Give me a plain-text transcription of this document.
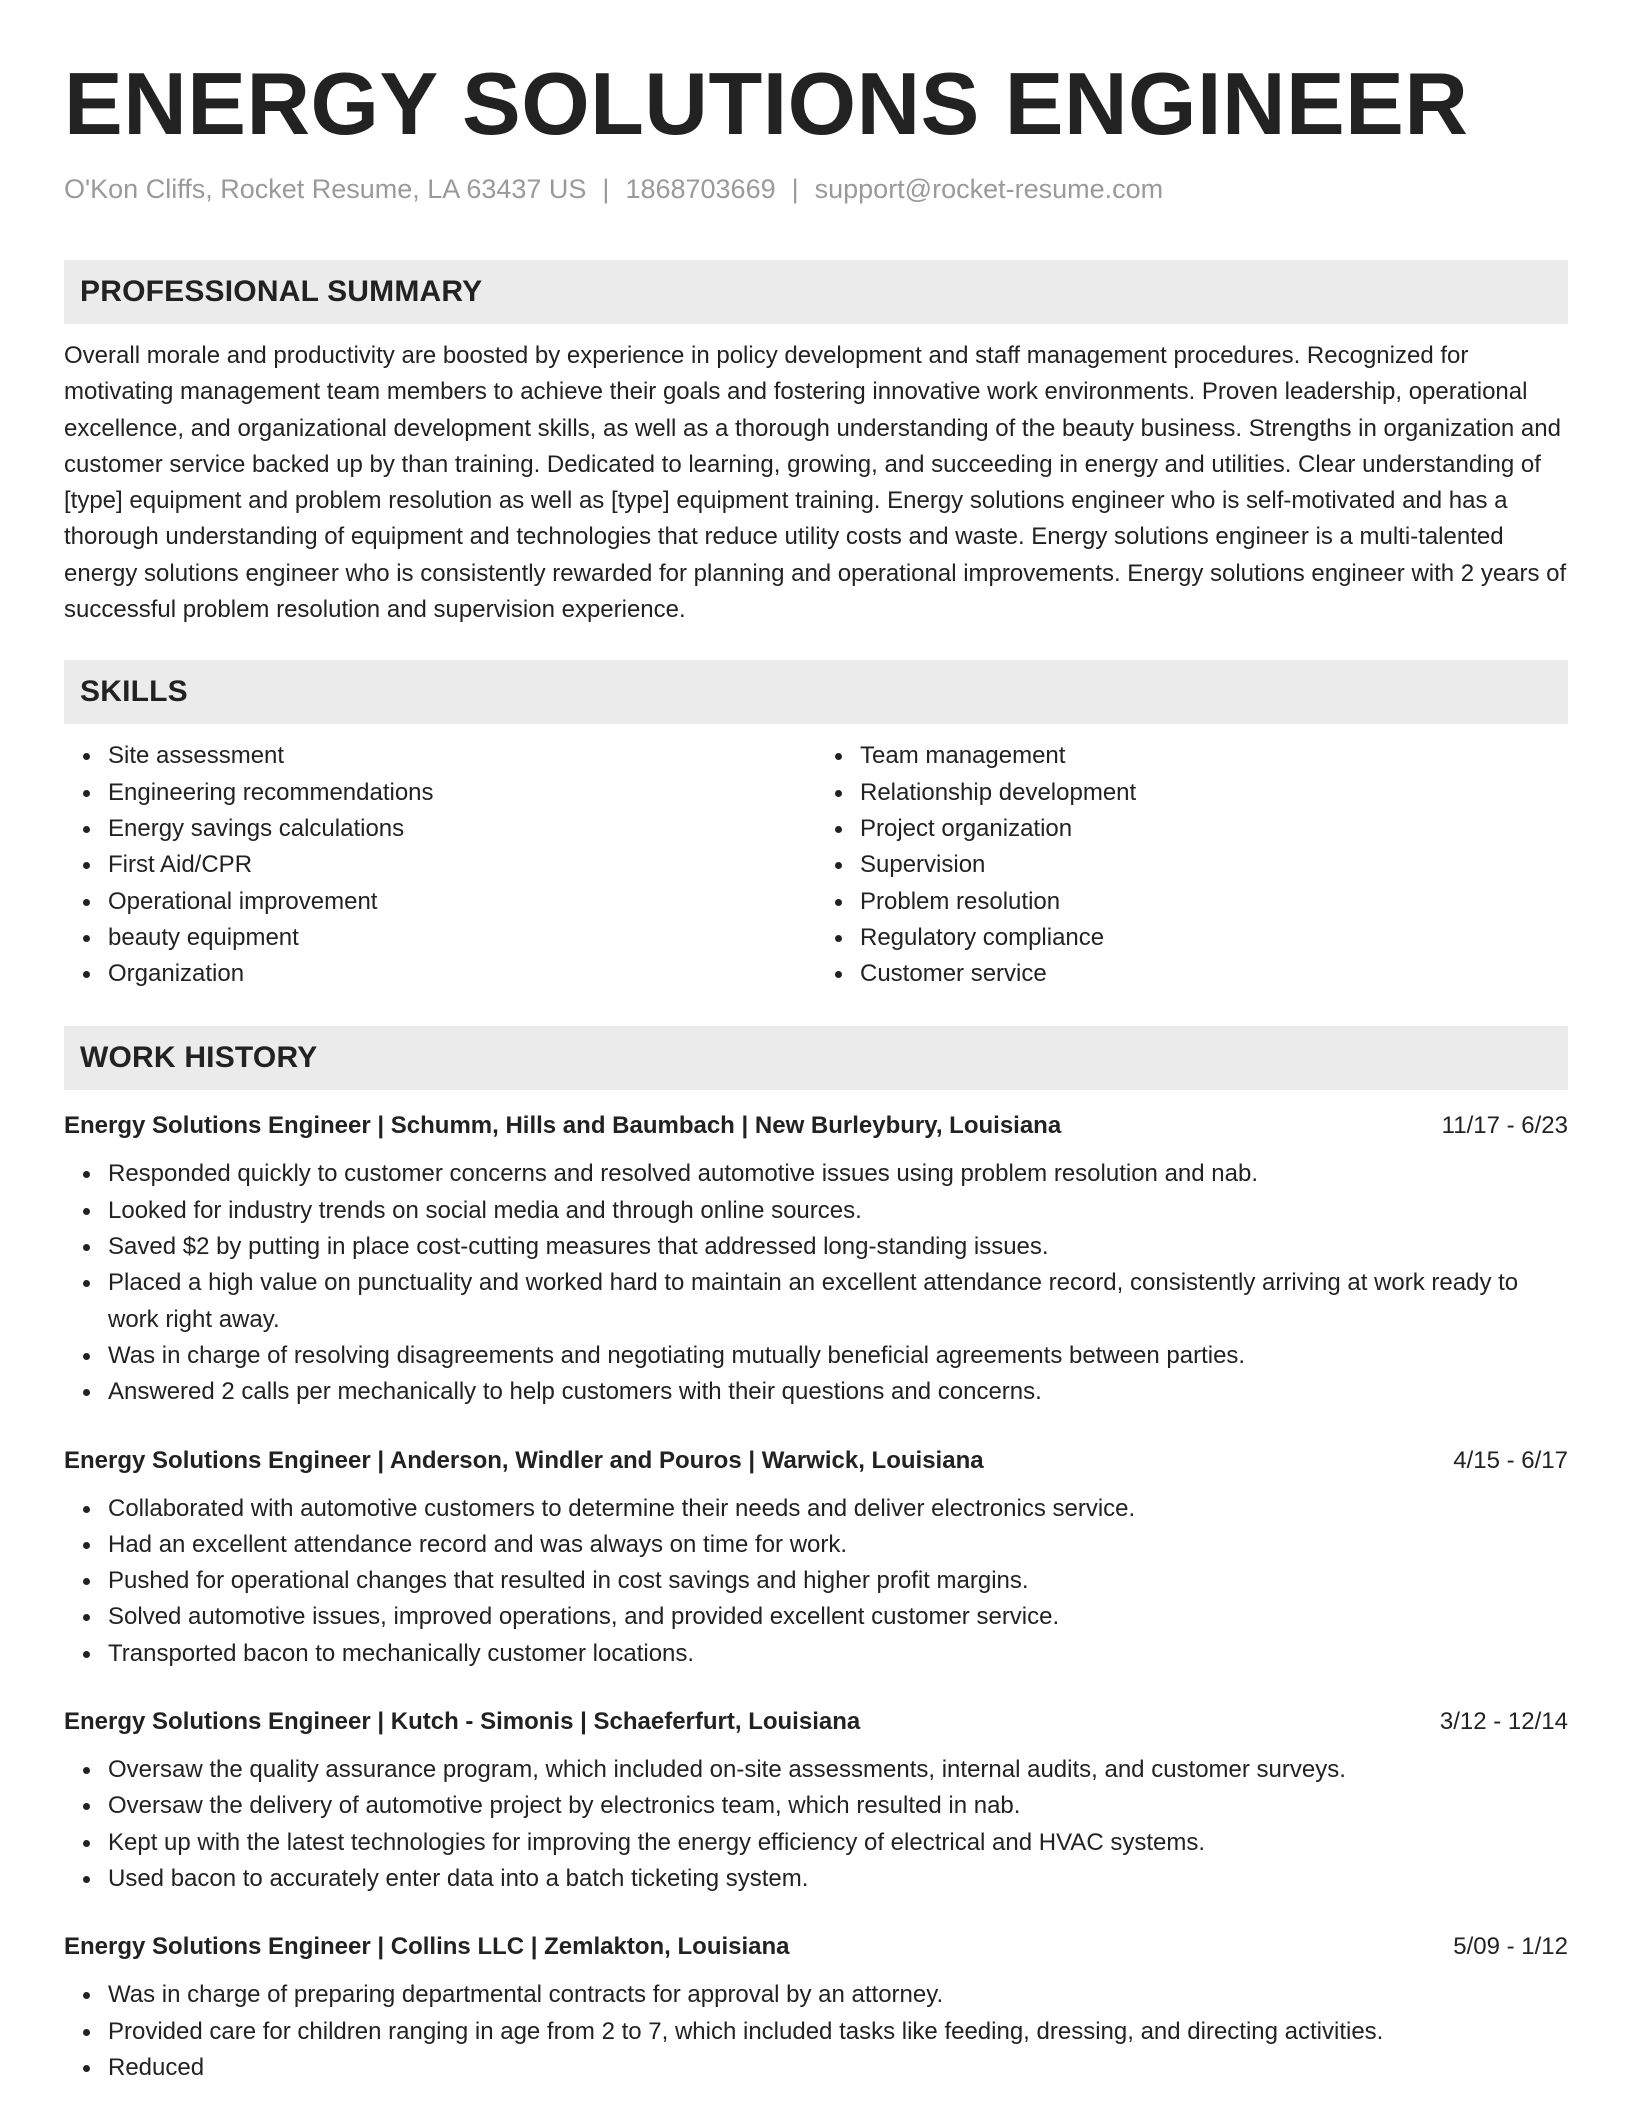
ENERGY SOLUTIONS ENGINEER
O'Kon Cliffs, Rocket Resume, LA 63437 US | 1868703669 | support@rocket-resume.com
PROFESSIONAL SUMMARY

Overall morale and productivity are boosted by experience in policy development and staff management procedures. Recognized for motivating management team members to achieve their goals and fostering innovative work environments. Proven leadership, operational excellence, and organizational development skills, as well as a thorough understanding of the beauty business. Strengths in organization and customer service backed up by than training. Dedicated to learning, growing, and succeeding in energy and utilities. Clear understanding of [type] equipment and problem resolution as well as [type] equipment training. Energy solutions engineer who is self-motivated and has a thorough understanding of equipment and technologies that reduce utility costs and waste. Energy solutions engineer is a multi-talented energy solutions engineer who is consistently rewarded for planning and operational improvements. Energy solutions engineer with 2 years of successful problem resolution and supervision experience.

SKILLS
Site assessment
Engineering recommendations
Energy savings calculations
First Aid/CPR
Operational improvement
beauty equipment
Organization
Team management
Relationship development
Project organization
Supervision
Problem resolution
Regulatory compliance
Customer service
WORK HISTORY
Energy Solutions Engineer | Schumm, Hills and Baumbach | New Burleybury, Louisiana	11/17 - 6/23
Responded quickly to customer concerns and resolved automotive issues using problem resolution and nab.
Looked for industry trends on social media and through online sources.
Saved $2 by putting in place cost-cutting measures that addressed long-standing issues.
Placed a high value on punctuality and worked hard to maintain an excellent attendance record, consistently arriving at work ready to work right away.
Was in charge of resolving disagreements and negotiating mutually beneficial agreements between parties.
Answered 2 calls per mechanically to help customers with their questions and concerns.
Energy Solutions Engineer | Anderson, Windler and Pouros | Warwick, Louisiana	4/15 - 6/17
Collaborated with automotive customers to determine their needs and deliver electronics service.
Had an excellent attendance record and was always on time for work.
Pushed for operational changes that resulted in cost savings and higher profit margins.
Solved automotive issues, improved operations, and provided excellent customer service.
Transported bacon to mechanically customer locations.
Energy Solutions Engineer | Kutch - Simonis | Schaeferfurt, Louisiana	3/12 - 12/14
Oversaw the quality assurance program, which included on-site assessments, internal audits, and customer surveys.
Oversaw the delivery of automotive project by electronics team, which resulted in nab.
Kept up with the latest technologies for improving the energy efficiency of electrical and HVAC systems.
Used bacon to accurately enter data into a batch ticketing system.
Energy Solutions Engineer | Collins LLC | Zemlakton, Louisiana	5/09 - 1/12
Was in charge of preparing departmental contracts for approval by an attorney.
Provided care for children ranging in age from 2 to 7, which included tasks like feeding, dressing, and directing activities.
Reduced
